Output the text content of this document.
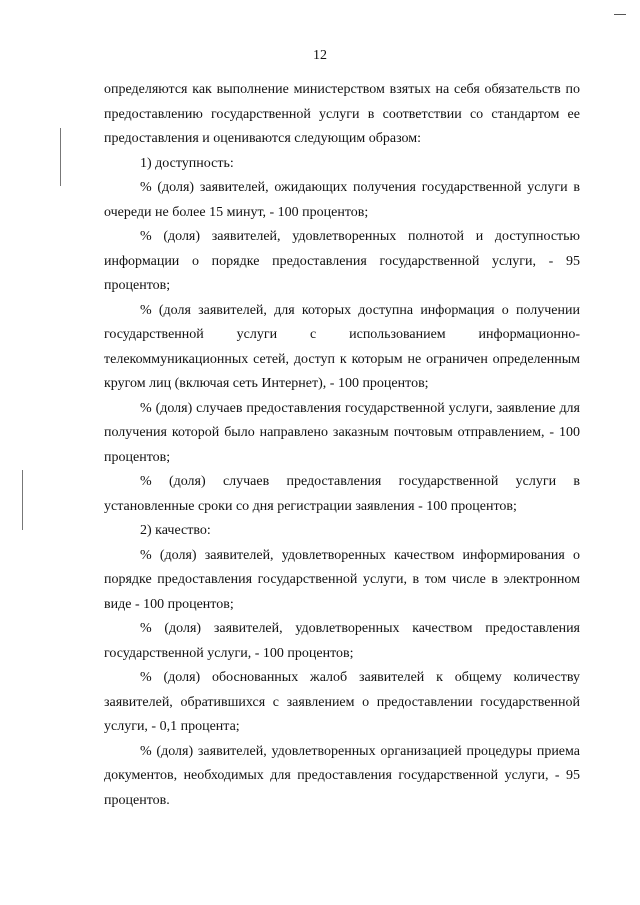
12

определяются как выполнение министерством взятых на себя обязательств по предоставлению государственной услуги в соответствии со стандартом ее предоставления и оцениваются следующим образом:

1) доступность:

% (доля) заявителей, ожидающих получения государственной услуги в очереди не более 15 минут, - 100 процентов;

% (доля) заявителей, удовлетворенных полнотой и доступностью информации о порядке предоставления государственной услуги, - 95 процентов;

% (доля заявителей, для которых доступна информация о получении государственной услуги с использованием информационно-телекоммуникационных сетей, доступ к которым не ограничен определенным кругом лиц (включая сеть Интернет), - 100 процентов;

% (доля) случаев предоставления государственной услуги, заявление для получения которой было направлено заказным почтовым отправлением, - 100 процентов;

% (доля) случаев предоставления государственной услуги в установленные сроки со дня регистрации заявления - 100 процентов;

2) качество:

% (доля) заявителей, удовлетворенных качеством информирования о порядке предоставления государственной услуги, в том числе в электронном виде - 100 процентов;

% (доля) заявителей, удовлетворенных качеством предоставления государственной услуги, - 100 процентов;

% (доля) обоснованных жалоб заявителей к общему количеству заявителей, обратившихся с заявлением о предоставлении государственной услуги, - 0,1 процента;

% (доля) заявителей, удовлетворенных организацией процедуры приема документов, необходимых для предоставления государственной услуги, - 95 процентов.
